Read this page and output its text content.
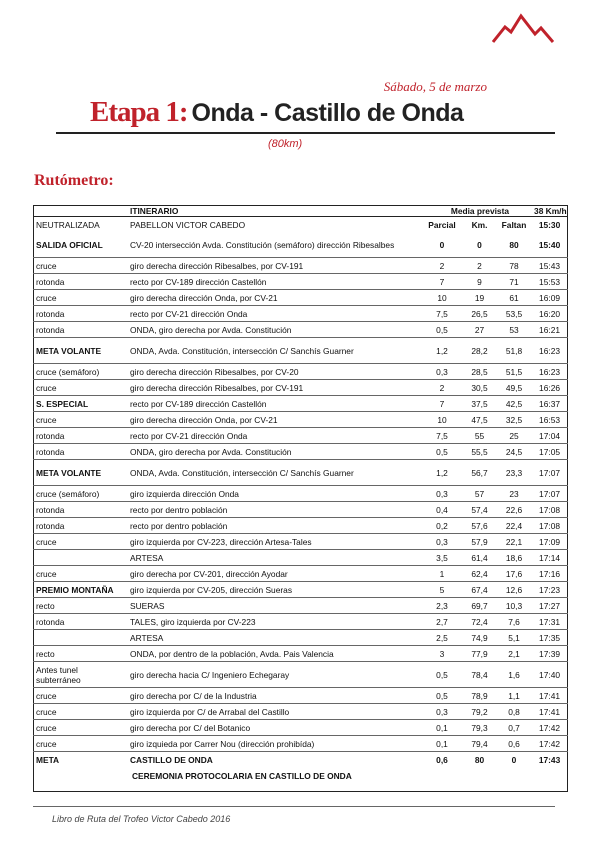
Sábado, 5 de marzo
Etapa 1: Onda - Castillo de Onda
(80km)
Rutómetro:
	ITINERARIO	Media prevista			38 Km/h
NEUTRALIZADA	PABELLON VICTOR CABEDO	Parcial	Km.	Faltan	15:30
SALIDA OFICIAL	CV-20 intersección Avda. Constitución (semáforo) dirección Ribesalbes	0	0	80	15:40
cruce	giro derecha dirección Ribesalbes, por CV-191	2	2	78	15:43
rotonda	recto por CV-189 dirección Castellón	7	9	71	15:53
cruce	giro derecha dirección Onda, por CV-21	10	19	61	16:09
rotonda	recto por CV-21 dirección Onda	7,5	26,5	53,5	16:20
rotonda	ONDA, giro derecha por Avda. Constitución	0,5	27	53	16:21
META VOLANTE	ONDA, Avda. Constitución, intersección C/ Sanchís Guarner	1,2	28,2	51,8	16:23
cruce (semáforo)	giro derecha dirección Ribesalbes, por CV-20	0,3	28,5	51,5	16:23
cruce	giro derecha dirección Ribesalbes, por CV-191	2	30,5	49,5	16:26
S. ESPECIAL	recto por CV-189 dirección Castellón	7	37,5	42,5	16:37
cruce	giro derecha dirección Onda, por CV-21	10	47,5	32,5	16:53
rotonda	recto por CV-21 dirección Onda	7,5	55	25	17:04
rotonda	ONDA, giro derecha por Avda. Constitución	0,5	55,5	24,5	17:05
META VOLANTE	ONDA, Avda. Constitución, intersección C/ Sanchís Guarner	1,2	56,7	23,3	17:07
cruce (semáforo)	giro izquierda dirección Onda	0,3	57	23	17:07
rotonda	recto por dentro población	0,4	57,4	22,6	17:08
rotonda	recto por dentro población	0,2	57,6	22,4	17:08
cruce	giro izquierda por CV-223, dirección Artesa-Tales	0,3	57,9	22,1	17:09
	ARTESA	3,5	61,4	18,6	17:14
cruce	giro derecha por CV-201, dirección Ayodar	1	62,4	17,6	17:16
PREMIO MONTAÑA	giro izquierda por CV-205, dirección Sueras	5	67,4	12,6	17:23
recto	SUERAS	2,3	69,7	10,3	17:27
rotonda	TALES, giro izquierda por CV-223	2,7	72,4	7,6	17:31
	ARTESA	2,5	74,9	5,1	17:35
recto	ONDA, por dentro de la población, Avda. Pais Valencia	3	77,9	2,1	17:39
Antes tunel subterráneo	giro derecha hacia C/ Ingeniero Echegaray	0,5	78,4	1,6	17:40
cruce	giro derecha por C/ de la Industria	0,5	78,9	1,1	17:41
cruce	giro izquierda por C/ de Arrabal del Castillo	0,3	79,2	0,8	17:41
cruce	giro derecha por C/ del Botanico	0,1	79,3	0,7	17:42
cruce	giro izquieda por Carrer Nou (dirección prohibída)	0,1	79,4	0,6	17:42
META	CASTILLO DE ONDA	0,6	80	0	17:43
CEREMONIA PROTOCOLARIA EN CASTILLO DE ONDA
Libro de Ruta del Trofeo Victor Cabedo 2016
